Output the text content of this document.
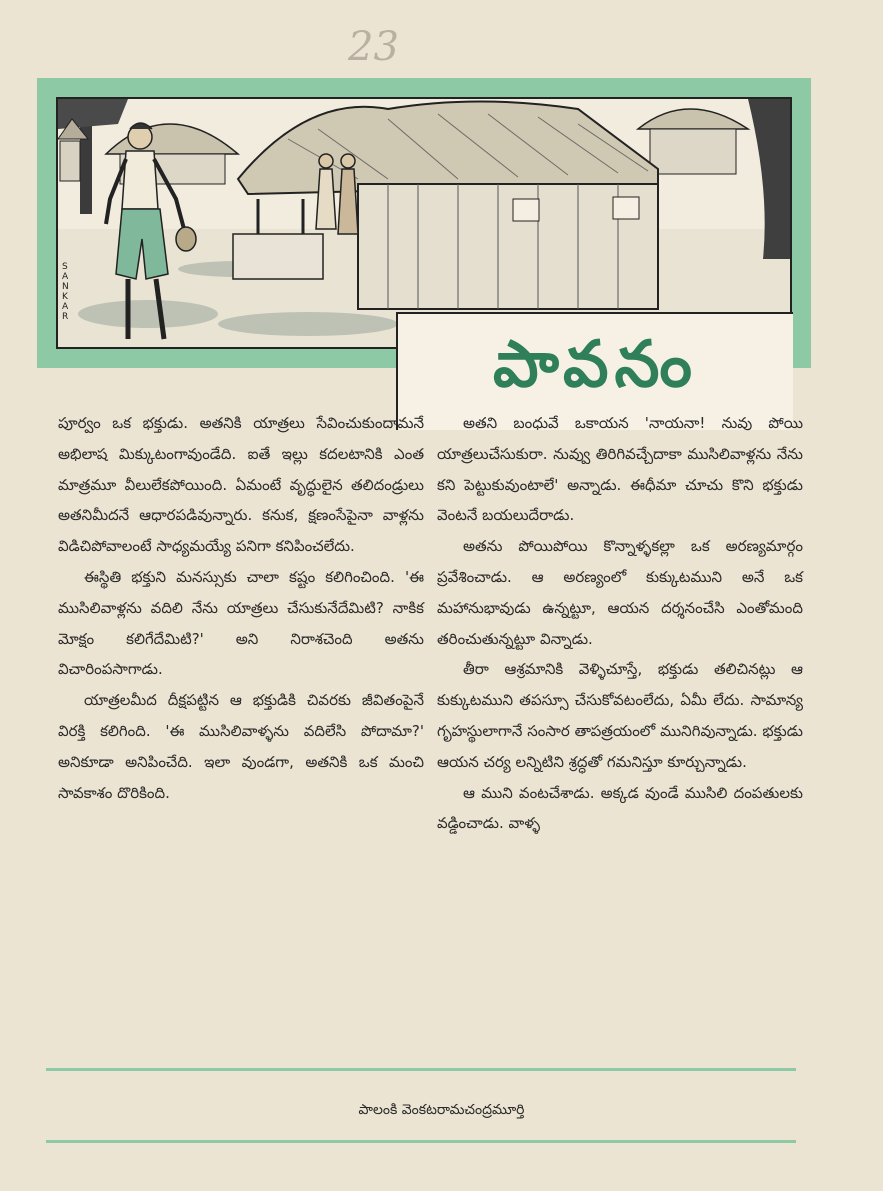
23
S A N K A R
పావనం

పూర్వం ఒక భక్తుడు. అతనికి యాత్రలు సేవించుకుందామనే అభిలాష మిక్కుటంగావుండేది. ఐతే ఇల్లు కదలటానికి ఎంత మాత్రమూ వీలులేకపోయింది. ఏమంటే వృద్ధులైన తలిదండ్రులు అతనిమీదనే ఆధారపడివున్నారు. కనుక, క్షణంసేపైనా వాళ్లను విడిచిపోవాలంటే సాధ్యమయ్యే పనిగా కనిపించలేదు.

ఈస్థితి భక్తుని మనస్సుకు చాలా కష్టం కలిగించింది. 'ఈ ముసిలివాళ్లను వదిలి నేను యాత్రలు చేసుకునేదేమిటి? నాకిక మోక్షం కలిగేదేమిటి?' అని నిరాశచెంది అతను విచారింపసాగాడు.

యాత్రలమీద దీక్షపట్టిన ఆ భక్తుడికి చివరకు జీవితంపైనే విరక్తి కలిగింది. 'ఈ ముసిలివాళ్ళను వదిలేసి పోదామా?' అనికూడా అనిపించేది. ఇలా వుండగా, అతనికి ఒక మంచి సావకాశం దొరికింది.

అతని బంధువే ఒకాయన 'నాయనా! నువు పోయి యాత్రలుచేసుకురా. నువ్వు తిరిగివచ్చేదాకా ముసిలివాళ్లను నేను కని పెట్టుకువుంటాలే' అన్నాడు. ఈధీమా చూచు కొని భక్తుడు వెంటనే బయలుదేరాడు.

అతను పోయిపోయి కొన్నాళ్ళకల్లా ఒక అరణ్యమార్గం ప్రవేశించాడు. ఆ అరణ్యంలో కుక్కుటముని అనే ఒక మహానుభావుడు ఉన్నట్టూ, ఆయన దర్శనంచేసి ఎంతోమంది తరించుతున్నట్టూ విన్నాడు.

తీరా ఆశ్రమానికి వెళ్ళిచూస్తే, భక్తుడు తలిచినట్లు ఆ కుక్కుటముని తపస్సూ చేసుకోవటంలేదు, ఏమీ లేదు. సామాన్య గృహస్థులాగానే సంసార తాపత్రయంలో మునిగివున్నాడు. భక్తుడు ఆయన చర్య లన్నిటిని శ్రద్ధతో గమనిస్తూ కూర్చున్నాడు.

ఆ ముని వంటచేశాడు. అక్కడ వుండే ముసిలి దంపతులకు వడ్డించాడు. వాళ్ళ

పాలంకి వెంకటరామచంద్రమూర్తి
